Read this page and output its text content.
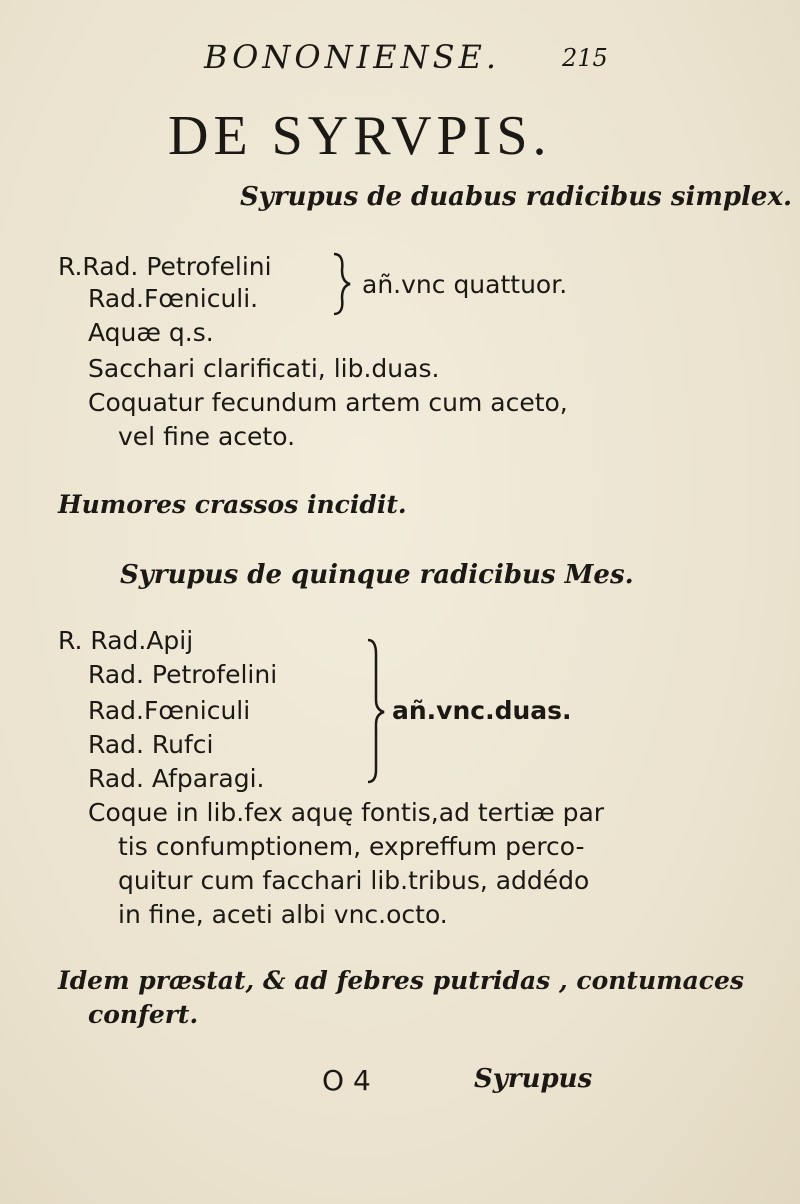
BONONIENSE.	215
DE SYRVPIS.
Syrupus de duabus radicibus simplex.
R.Rad. Petrofelini
Rad.Fœniculi.	añ.vnc quattuor.
Aquæ q.s.
Sacchari clarificati, lib.duas.
Coquatur fecundum artem cum aceto,
vel fine aceto.
Humores crassos incidit.
Syrupus de quinque radicibus Mes.
R. Rad.Apij
Rad. Petrofelini
Rad.Fœniculi
Rad. Rufci
Rad. Afparagi.
añ.vnc.duas.
Coque in lib.fex aquę fontis,ad tertiæ par
tis confumptionem, expreffum perco-
quitur cum facchari lib.tribus, addédo
in fine, aceti albi vnc.octo.
Idem præstat, & ad febres putridas , contumaces
confert.
O 4	Syrupus
